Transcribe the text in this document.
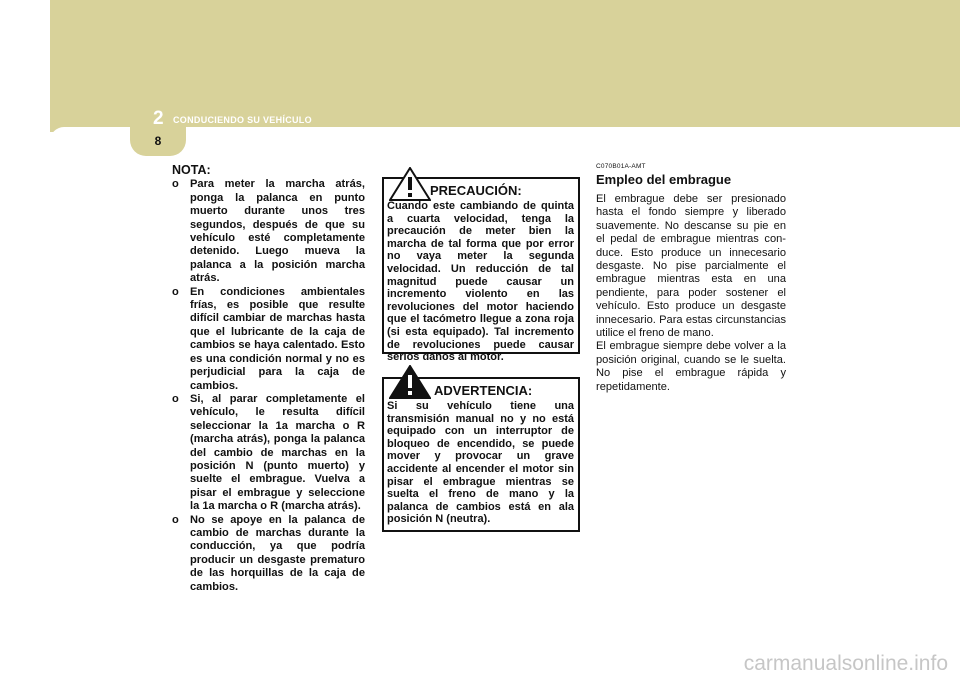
8
2 CONDUCIENDO SU VEHÍCULO
NOTA:
o Para meter la marcha atrás, ponga la palanca en punto muerto durante unos tres segundos, después de que su vehículo esté completamente detenido. Luego mueva la palanca a la posición marcha atrás.
o En condiciones ambientales frías, es posible que resulte difícil cambiar de marchas hasta que el lubricante de la caja de cambios se haya calentado. Esto es una condición normal y no es perjudicial para la caja de cambios.
o Si, al parar completamente el vehículo, le resulta difícil seleccionar la 1a marcha o R (marcha atrás), ponga la palanca del cambio de marchas en la posición N (punto muerto) y suelte el embrague. Vuelva a pisar el embrague y seleccione la 1a marcha o R (marcha atrás).
o No se apoye en la palanca de cambio de marchas durante la conducción, ya que podría producir un desgaste prematuro de las horquillas de la caja de cambios.
PRECAUCIÓN:
Cuando este cambiando de quinta a cuarta velocidad, tenga la precaución de meter bien la marcha de tal forma que por error no vaya meter la segunda velocidad. Un reducción de tal magnitud puede causar un incremento violento en las revoluciones del motor haciendo que el tacómetro llegue a zona roja (si esta equipado). Tal incremento de revoluciones puede causar serios daños al motor.
ADVERTENCIA:
Si su vehículo tiene una transmisión manual no y no está equipado con un interruptor de bloqueo de encendido, se puede mover y provocar un grave accidente al encender el motor sin pisar el embrague mientras se suelta el freno de mano y la palanca de cambios está en ala posición N (neutra).
C070B01A-AMT
Empleo del embrague
El embrague debe ser presionado hasta el fondo siempre y liberado suavemente. No descanse su pie en el pedal de embrague mientras con- duce. Esto produce un innecesario desgaste. No pise parcialmente el embrague mientras esta en una pendiente, para poder sostener el vehículo. Esto produce un desgaste innecesario. Para estas circunstancias utilice el freno de mano.
El embrague siempre debe volver a la posición original, cuando se le suelta. No pise el embrague rápida y repetidamente.
carmanualsonline.info
